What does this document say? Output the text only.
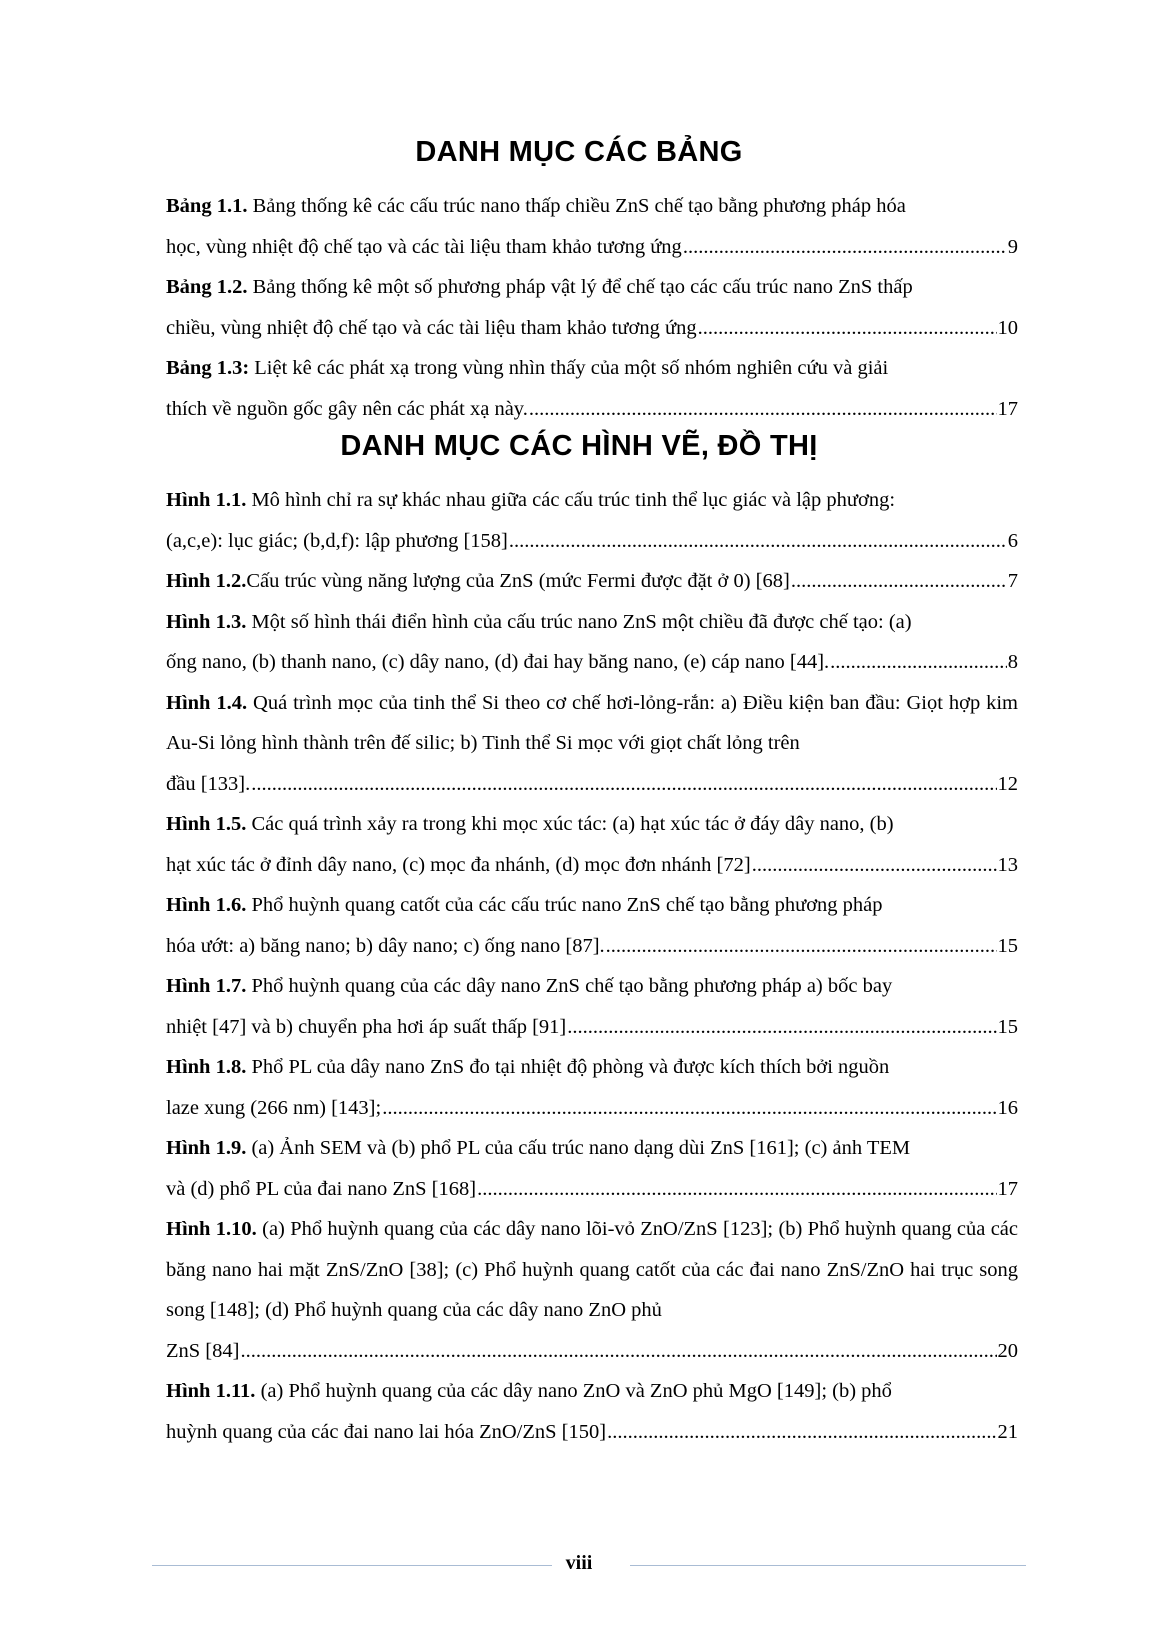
DANH MỤC CÁC BẢNG
Bảng 1.1. Bảng thống kê các cấu trúc nano thấp chiều ZnS chế tạo bằng phương pháp hóa
học, vùng nhiệt độ chế tạo và các tài liệu tham khảo tương ứng .....	9
Bảng 1.2. Bảng thống kê một số phương pháp vật lý để chế tạo các cấu trúc nano ZnS thấp
chiều, vùng nhiệt độ chế tạo và các tài liệu tham khảo tương ứng .....	10
Bảng 1.3: Liệt kê các phát xạ trong vùng nhìn thấy của một số nhóm nghiên cứu và giải
thích về nguồn gốc gây nên các phát xạ này. .....	17
DANH MỤC CÁC HÌNH VẼ, ĐỒ THỊ
Hình 1.1. Mô hình chỉ ra sự khác nhau giữa các cấu trúc tinh thể lục giác và lập phương:
(a,c,e): lục giác; (b,d,f): lập phương [158] .....	6
Hình 1.2. Cấu trúc vùng năng lượng của ZnS (mức Fermi được đặt ở 0) [68] .....	7
Hình 1.3. Một số hình thái điển hình của cấu trúc nano ZnS một chiều đã được chế tạo: (a)
ống nano, (b) thanh nano, (c) dây nano, (d) đai hay băng nano, (e) cáp nano [44]. .....	8
Hình 1.4. Quá trình mọc của tinh thể Si theo cơ chế hơi-lỏng-rắn: a) Điều kiện ban đầu: Giọt hợp kim Au-Si lỏng hình thành trên đế silic; b) Tinh thể Si mọc với giọt chất lỏng trên
đầu [133]. .....	12
Hình 1.5. Các quá trình xảy ra trong khi mọc xúc tác: (a) hạt xúc tác ở đáy dây nano, (b)
hạt xúc tác ở đỉnh dây nano, (c) mọc đa nhánh, (d) mọc đơn nhánh [72] .....	13
Hình 1.6. Phổ huỳnh quang catốt của các cấu trúc nano ZnS chế tạo bằng phương pháp
hóa ướt: a) băng nano; b) dây nano; c) ống nano [87]. .....	15
Hình 1.7. Phổ huỳnh quang của các dây nano ZnS chế tạo bằng phương pháp a) bốc bay
nhiệt [47] và b) chuyển pha hơi áp suất thấp [91] .....	15
Hình 1.8. Phổ PL của dây nano ZnS đo tại nhiệt độ phòng và được kích thích bởi nguồn
laze xung (266 nm) [143]; .....	16
Hình 1.9. (a) Ảnh SEM và (b) phổ PL của cấu trúc nano dạng dùi ZnS [161]; (c) ảnh TEM
và (d) phổ PL của đai nano ZnS [168] .....	17
Hình 1.10. (a) Phổ huỳnh quang của các dây nano lõi-vỏ ZnO/ZnS [123]; (b) Phổ huỳnh quang của các băng nano hai mặt ZnS/ZnO [38]; (c) Phổ huỳnh quang catốt của các đai nano ZnS/ZnO hai trục song song [148]; (d) Phổ huỳnh quang của các dây nano ZnO phủ
ZnS [84] .....	20
Hình 1.11. (a) Phổ huỳnh quang của các dây nano ZnO và ZnO phủ MgO [149]; (b) phổ
huỳnh quang của các đai nano lai hóa ZnO/ZnS [150] .....	21
viii
